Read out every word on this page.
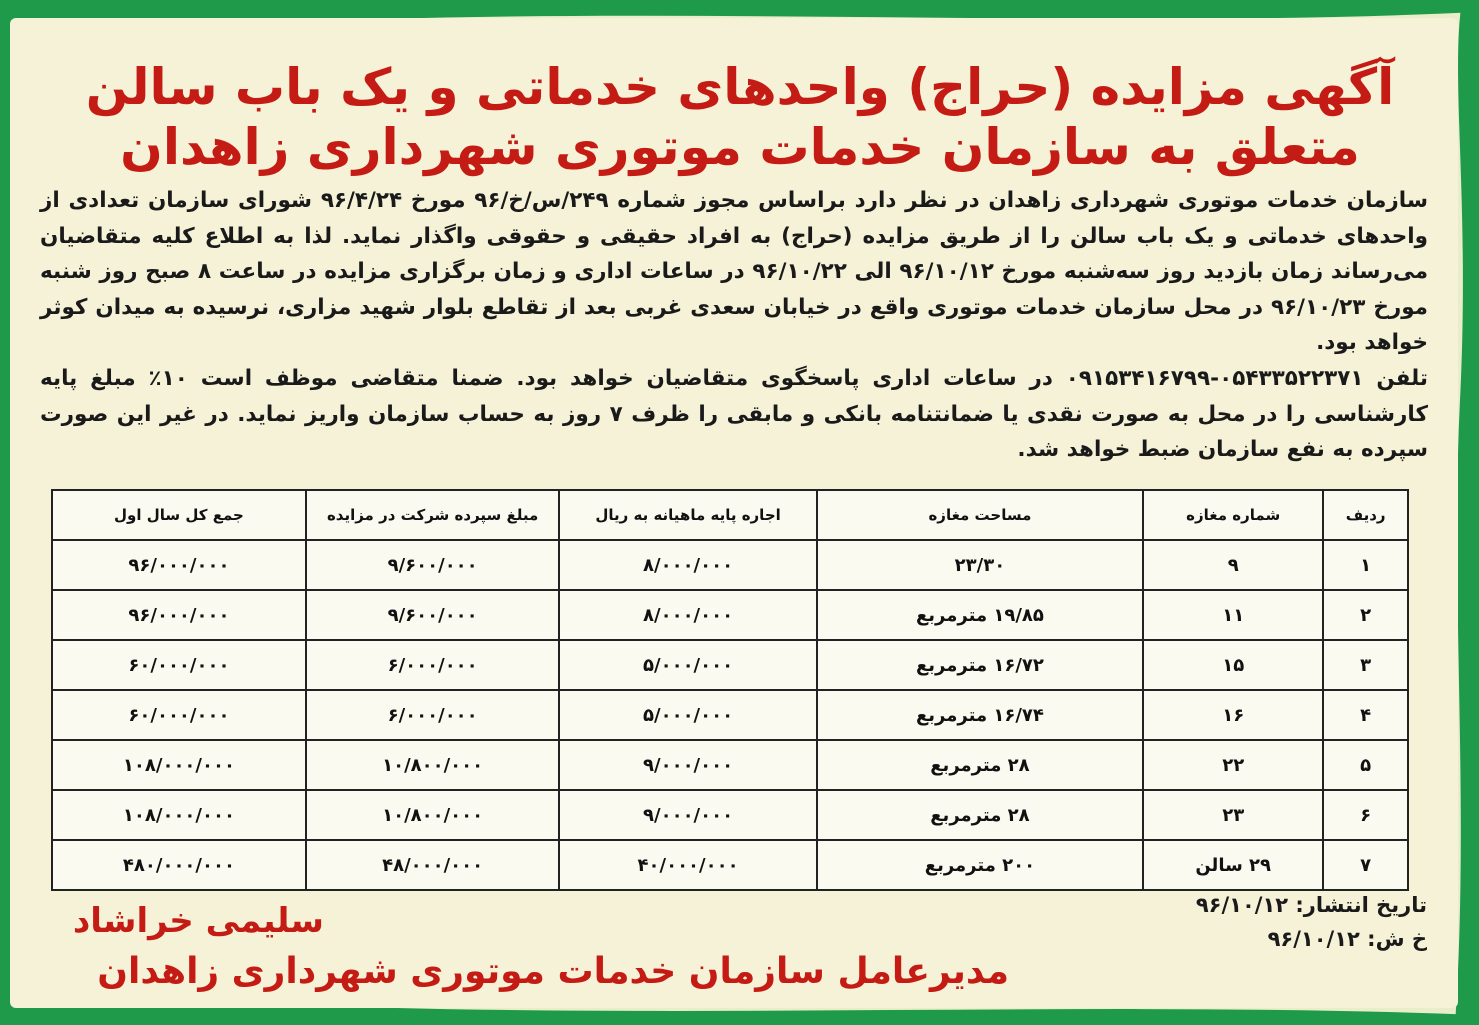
آگهی مزایده (حراج) واحدهای خدماتی و یک باب سالن
متعلق به سازمان خدمات موتوری شهرداری زاهدان

سازمان خدمات موتوری شهرداری زاهدان در نظر دارد براساس مجوز شماره ۲۴۹/س/خ/۹۶ مورخ ۹۶/۴/۲۴ شورای سازمان تعدادی از واحدهای خدماتی و یک باب سالن را از طریق مزایده (حراج) به افراد حقیقی و حقوقی واگذار نماید. لذا به اطلاع کلیه متقاضیان می‌رساند زمان بازدید روز سه‌شنبه مورخ ۹۶/۱۰/۱۲ الی ۹۶/۱۰/۲۲ در ساعات اداری و زمان برگزاری مزایده در ساعت ۸ صبح روز شنبه مورخ ۹۶/۱۰/۲۳ در محل سازمان خدمات موتوری واقع در خیابان سعدی غربی بعد از تقاطع بلوار شهید مزاری، نرسیده به میدان کوثر خواهد بود.

تلفن ۰۵۴۳۳۵۲۲۳۷۱-۰۹۱۵۳۴۱۶۷۹۹ در ساعات اداری پاسخگوی متقاضیان خواهد بود. ضمنا متقاضی موظف است ۱۰٪ مبلغ پایه کارشناسی را در محل به صورت نقدی یا ضمانتنامه بانکی و مابقی را ظرف ۷ روز به حساب سازمان واریز نماید. در غیر این صورت سپرده به نفع سازمان ضبط خواهد شد.

ردیف	شماره مغازه	مساحت مغازه	اجاره پایه ماهیانه به ریال	مبلغ سپرده شرکت در مزایده	جمع کل سال اول
۱	۹	۲۳/۳۰	۸/۰۰۰/۰۰۰	۹/۶۰۰/۰۰۰	۹۶/۰۰۰/۰۰۰
۲	۱۱	۱۹/۸۵ مترمربع	۸/۰۰۰/۰۰۰	۹/۶۰۰/۰۰۰	۹۶/۰۰۰/۰۰۰
۳	۱۵	۱۶/۷۲ مترمربع	۵/۰۰۰/۰۰۰	۶/۰۰۰/۰۰۰	۶۰/۰۰۰/۰۰۰
۴	۱۶	۱۶/۷۴ مترمربع	۵/۰۰۰/۰۰۰	۶/۰۰۰/۰۰۰	۶۰/۰۰۰/۰۰۰
۵	۲۲	۲۸ مترمربع	۹/۰۰۰/۰۰۰	۱۰/۸۰۰/۰۰۰	۱۰۸/۰۰۰/۰۰۰
۶	۲۳	۲۸ مترمربع	۹/۰۰۰/۰۰۰	۱۰/۸۰۰/۰۰۰	۱۰۸/۰۰۰/۰۰۰
۷	۲۹ سالن	۲۰۰ مترمربع	۴۰/۰۰۰/۰۰۰	۴۸/۰۰۰/۰۰۰	۴۸۰/۰۰۰/۰۰۰
تاریخ انتشار: ۹۶/۱۰/۱۲
خ ش: ۹۶/۱۰/۱۲
سلیمی خراشاد
مدیرعامل سازمان خدمات موتوری شهرداری زاهدان
